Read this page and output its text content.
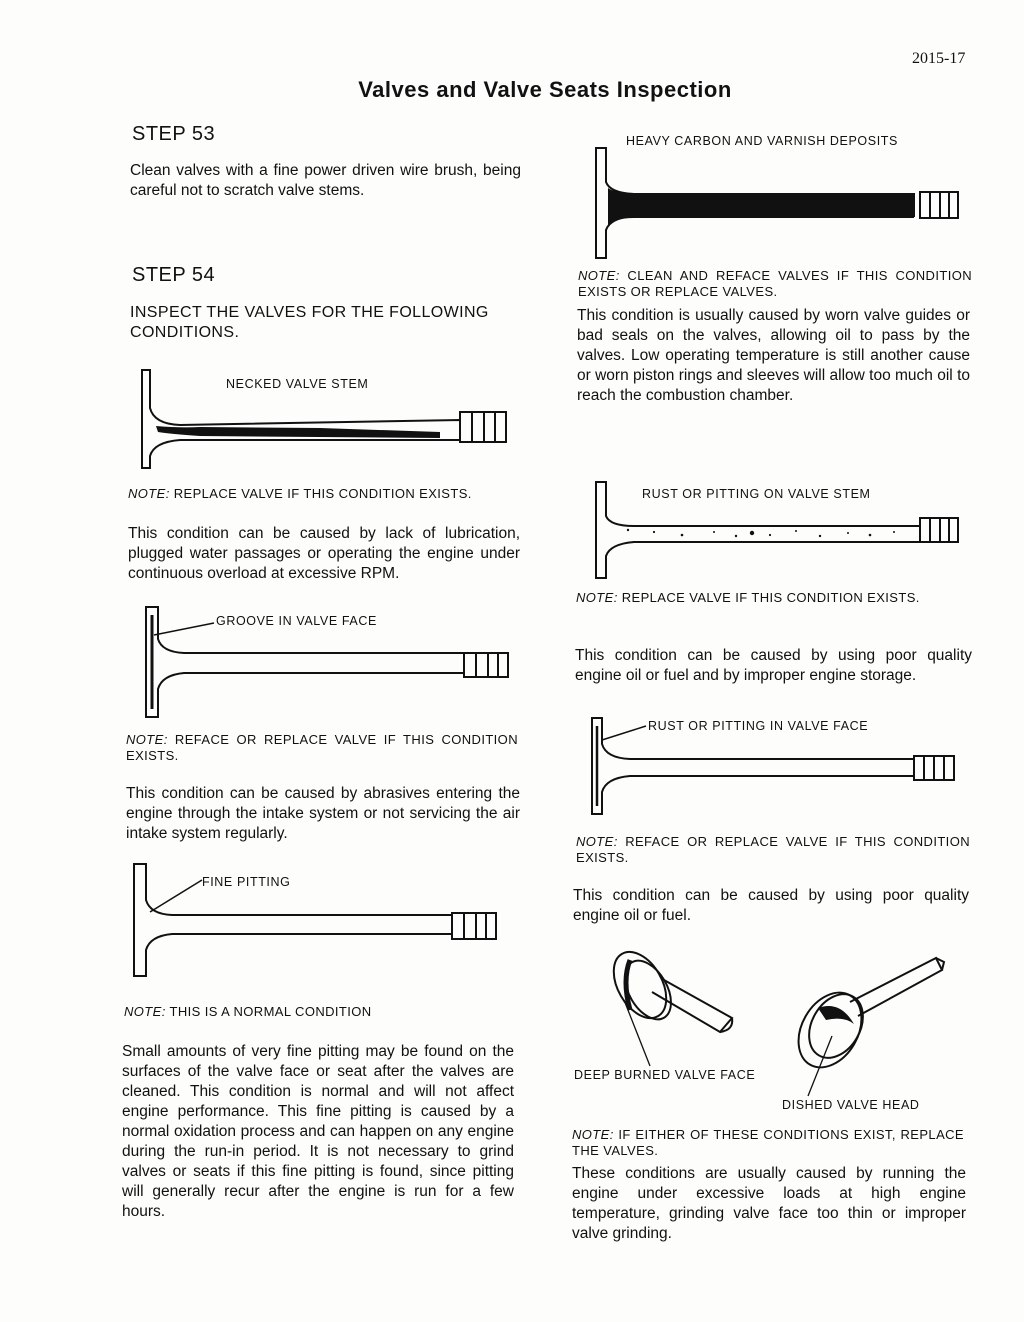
2015-17
Valves and Valve Seats Inspection
STEP 53
Clean valves with a fine power driven wire brush, being careful not to scratch valve stems.
STEP 54
INSPECT THE VALVES FOR THE FOLLOWING CONDITIONS.
NECKED VALVE STEM
NOTE: REPLACE VALVE IF THIS CONDITION EXISTS.
This condition can be caused by lack of lubrication, plugged water passages or operating the engine under continuous overload at excessive RPM.
GROOVE IN VALVE FACE
NOTE: REFACE OR REPLACE VALVE IF THIS CONDITION EXISTS.
This condition can be caused by abrasives entering the engine through the intake system or not servicing the air intake system regularly.
FINE PITTING
NOTE: THIS IS A NORMAL CONDITION
Small amounts of very fine pitting may be found on the surfaces of the valve face or seat after the valves are cleaned. This condition is normal and will not affect engine performance. This fine pitting is caused by a normal oxidation process and can happen on any engine during the run-in period. It is not necessary to grind valves or seats if this fine pitting is found, since pitting will generally recur after the engine is run for a few hours.
HEAVY CARBON AND VARNISH DEPOSITS
NOTE: CLEAN AND REFACE VALVES IF THIS CONDITION EXISTS OR REPLACE VALVES.
This condition is usually caused by worn valve guides or bad seals on the valves, allowing oil to pass by the valves. Low operating temperature is still another cause or worn piston rings and sleeves will allow too much oil to reach the combustion chamber.
RUST OR PITTING ON VALVE STEM
NOTE: REPLACE VALVE IF THIS CONDITION EXISTS.
This condition can be caused by using poor quality engine oil or fuel and by improper engine storage.
RUST OR PITTING IN VALVE FACE
NOTE: REFACE OR REPLACE VALVE IF THIS CONDITION EXISTS.
This condition can be caused by using poor quality engine oil or fuel.
DEEP BURNED VALVE FACE
DISHED VALVE HEAD
NOTE: IF EITHER OF THESE CONDITIONS EXIST, REPLACE THE VALVES.
These conditions are usually caused by running the engine under excessive loads at high engine temperature, grinding valve face too thin or improper valve grinding.
